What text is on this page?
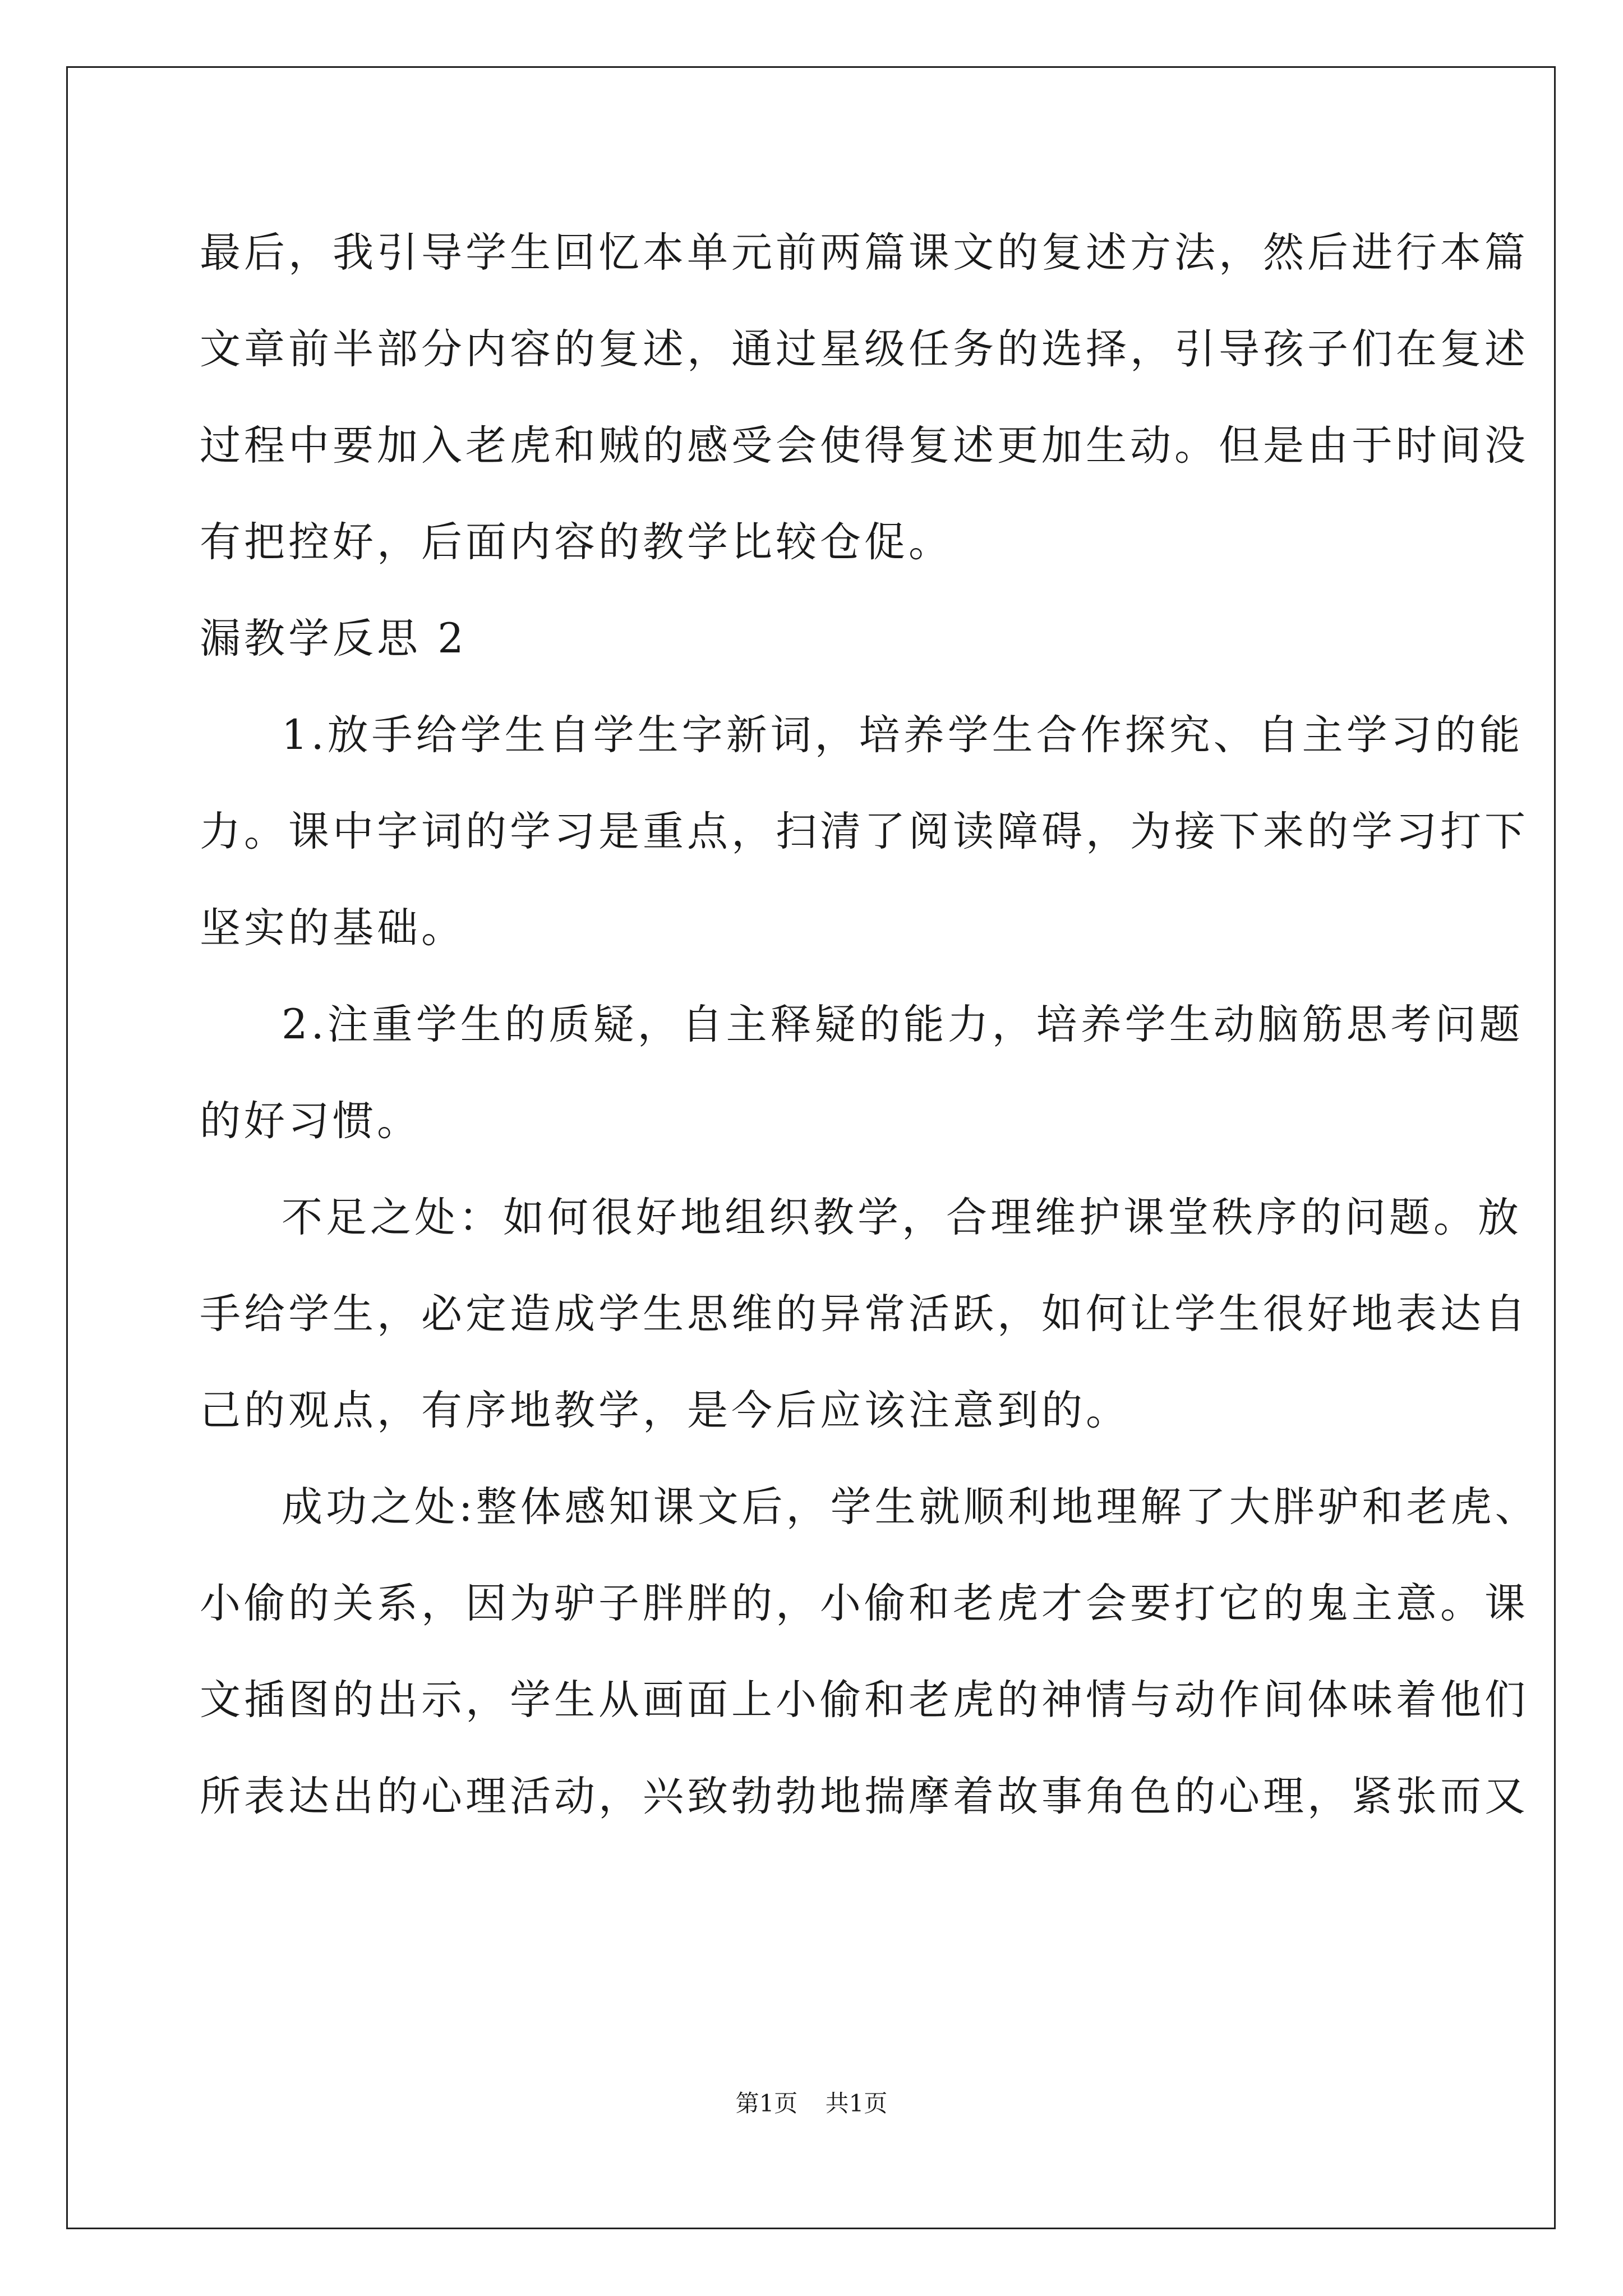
最后，我引导学生回忆本单元前两篇课文的复述方法，然后进行本篇
文章前半部分内容的复述，通过星级任务的选择，引导孩子们在复述
过程中要加入老虎和贼的感受会使得复述更加生动。但是由于时间没
有把控好，后面内容的教学比较仓促。
漏教学反思 2
1.放手给学生自学生字新词，培养学生合作探究、自主学习的能
力。课中字词的学习是重点，扫清了阅读障碍，为接下来的学习打下
坚实的基础。
2.注重学生的质疑，自主释疑的能力，培养学生动脑筋思考问题
的好习惯。
不足之处：如何很好地组织教学，合理维护课堂秩序的问题。放
手给学生，必定造成学生思维的异常活跃，如何让学生很好地表达自
己的观点，有序地教学，是今后应该注意到的。
成功之处:整体感知课文后，学生就顺利地理解了大胖驴和老虎、
小偷的关系，因为驴子胖胖的，小偷和老虎才会要打它的鬼主意。课
文插图的出示，学生从画面上小偷和老虎的神情与动作间体味着他们
所表达出的心理活动，兴致勃勃地揣摩着故事角色的心理，紧张而又
第1页 共1页
